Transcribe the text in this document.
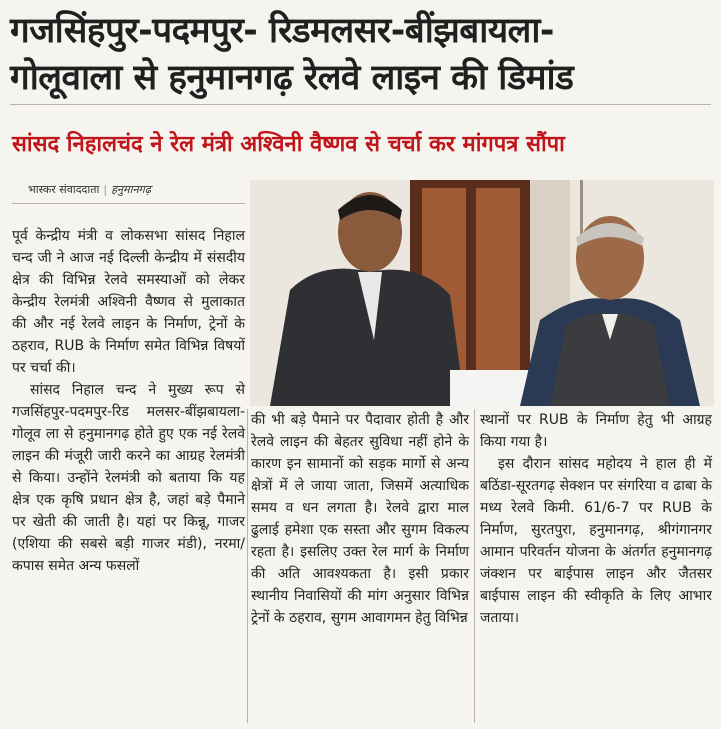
गजसिंहपुर-पदमपुर- रिडमलसर-बींझबायला-
गोलूवाला से हनुमानगढ़ रेलवे लाइन की डिमांड
सांसद निहालचंद ने रेल मंत्री अश्विनी वैष्णव से चर्चा कर मांगपत्र सौंपा
भास्कर संवाददाता | हनुमानगढ़

पूर्व केन्द्रीय मंत्री व लोकसभा सांसद निहाल चन्द जी ने आज नई दिल्ली केन्द्रीय में संसदीय क्षेत्र की विभिन्न रेलवे समस्याओं को लेकर केन्द्रीय रेलमंत्री अश्विनी वैष्णव से मुलाकात की और नई रेलवे लाइन के निर्माण, ट्रेनों के ठहराव, RUB के निर्माण समेत विभिन्न विषयों पर चर्चा की।

सांसद निहाल चन्द ने मुख्य रूप से गजसिंहपुर-पदमपुर-रिड मलसर-बींझबायला-गोलूव ला से हनुमानगढ़ होते हुए एक नई रेलवे लाइन की मंजूरी जारी करने का आग्रह रेलमंत्री से किया। उन्होंने रेलमंत्री को बताया कि यह क्षेत्र एक कृषि प्रधान क्षेत्र है, जहां बड़े पैमाने पर खेती की जाती है। यहां पर किन्नू, गाजर (एशिया की सबसे बड़ी गाजर मंडी), नरमा/कपास समेत अन्य फसलों

की भी बड़े पैमाने पर पैदावार होती है और रेलवे लाइन की बेहतर सुविधा नहीं होने के कारण इन सामानों को सड़क मार्गो से अन्य क्षेत्रों में ले जाया जाता, जिसमें अत्याधिक समय व धन लगता है। रेलवे द्वारा माल ढुलाई हमेशा एक सस्ता और सुगम विकल्प रहता है। इसलिए उक्त रेल मार्ग के निर्माण की अति आवश्यकता है। इसी प्रकार स्थानीय निवासियों की मांग अनुसार विभिन्न ट्रेनों के ठहराव, सुगम आवागमन हेतु विभिन्न

स्थानों पर RUB के निर्माण हेतु भी आग्रह किया गया है।

इस दौरान सांसद महोदय ने हाल ही में बठिंडा-सूरतगढ़ सेक्शन पर संगरिया व ढाबा के मध्य रेलवे किमी. 61/6-7 पर RUB के निर्माण, सुरतपुरा, हनुमानगढ़, श्रीगंगानगर आमान परिवर्तन योजना के अंतर्गत हनुमानगढ़ जंक्शन पर बाईपास लाइन और जैतसर बाईपास लाइन की स्वीकृति के लिए आभार जताया।
